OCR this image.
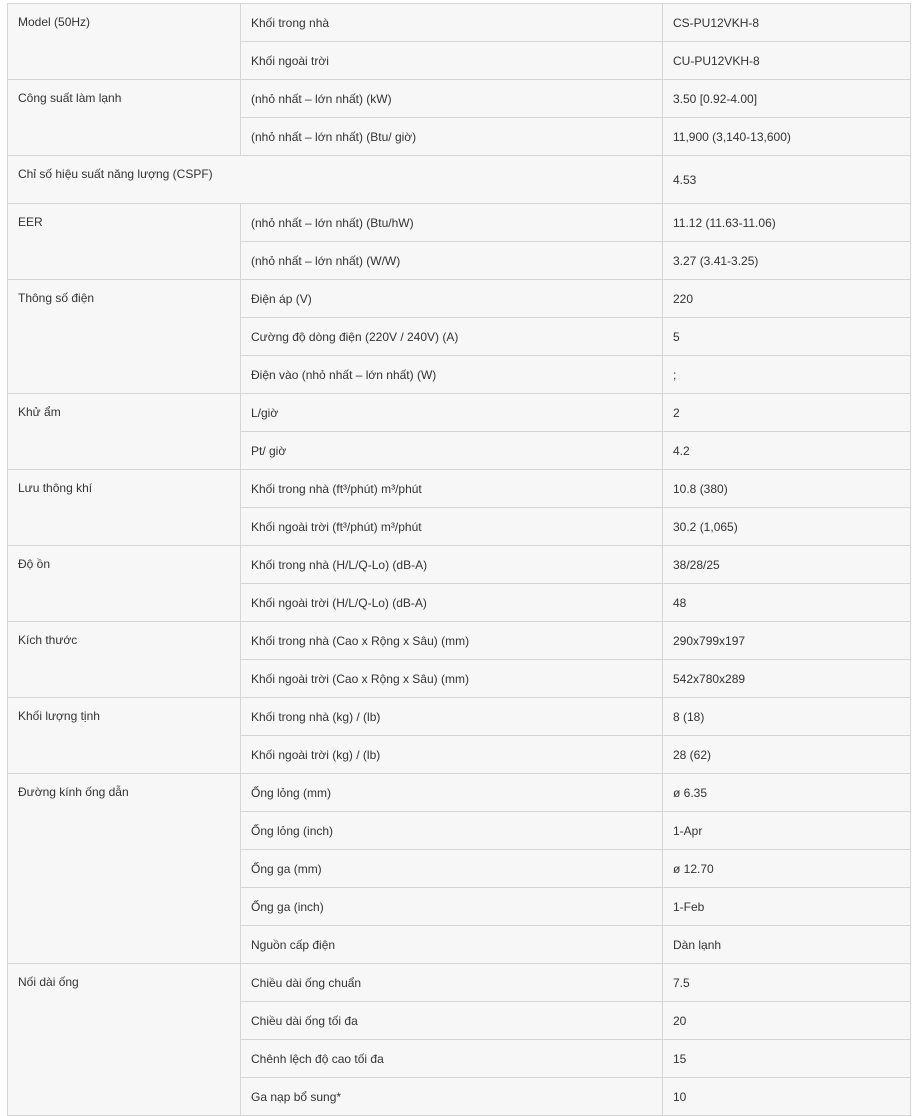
Model (50Hz)	Khối trong nhà	CS-PU12VKH-8
	Khối ngoài trời	CU-PU12VKH-8
Công suất làm lạnh	(nhỏ nhất – lớn nhất) (kW)	3.50 [0.92-4.00]
	(nhỏ nhất – lớn nhất) (Btu/ giờ)	11,900 (3,140-13,600)
Chỉ số hiệu suất năng lượng (CSPF)		4.53
EER	(nhỏ nhất – lớn nhất) (Btu/hW)	11.12 (11.63-11.06)
	(nhỏ nhất – lớn nhất) (W/W)	3.27 (3.41-3.25)
Thông số điện	Điện áp (V)	220
	Cường độ dòng điện (220V / 240V) (A)	5
	Điện vào (nhỏ nhất – lớn nhất) (W)	;
Khử ẩm	L/giờ	2
	Pt/ giờ	4.2
Lưu thông khí	Khối trong nhà (ft³/phút) m³/phút	10.8 (380)
	Khối ngoài trời (ft³/phút) m³/phút	30.2 (1,065)
Độ ồn	Khối trong nhà (H/L/Q-Lo) (dB-A)	38/28/25
	Khối ngoài trời (H/L/Q-Lo) (dB-A)	48
Kích thước	Khối trong nhà (Cao x Rộng x Sâu) (mm)	290x799x197
	Khối ngoài trời (Cao x Rộng x Sâu) (mm)	542x780x289
Khối lượng tịnh	Khối trong nhà (kg) / (lb)	8 (18)
	Khối ngoài trời (kg) / (lb)	28 (62)
Đường kính ống dẫn	Ống lỏng (mm)	ø 6.35
	Ống lỏng (inch)	1-Apr
	Ống ga (mm)	ø 12.70
	Ống ga (inch)	1-Feb
	Nguồn cấp điện	Dàn lạnh
Nối dài ống	Chiều dài ống chuẩn	7.5
	Chiều dài ống tối đa	20
	Chênh lệch độ cao tối đa	15
	Ga nạp bổ sung*	10
